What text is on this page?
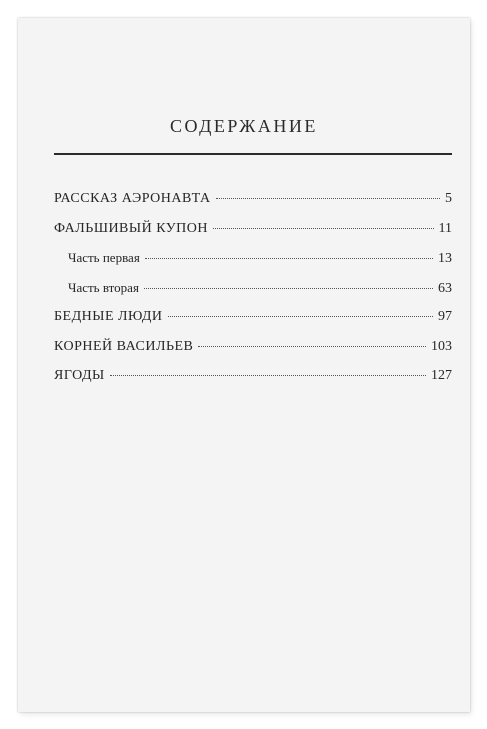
СОДЕРЖАНИЕ
РАССКАЗ АЭРОНАВТА	5
ФАЛЬШИВЫЙ КУПОН	11
Часть первая	13
Часть вторая	63
БЕДНЫЕ ЛЮДИ	97
КОРНЕЙ ВАСИЛЬЕВ	103
ЯГОДЫ	127
